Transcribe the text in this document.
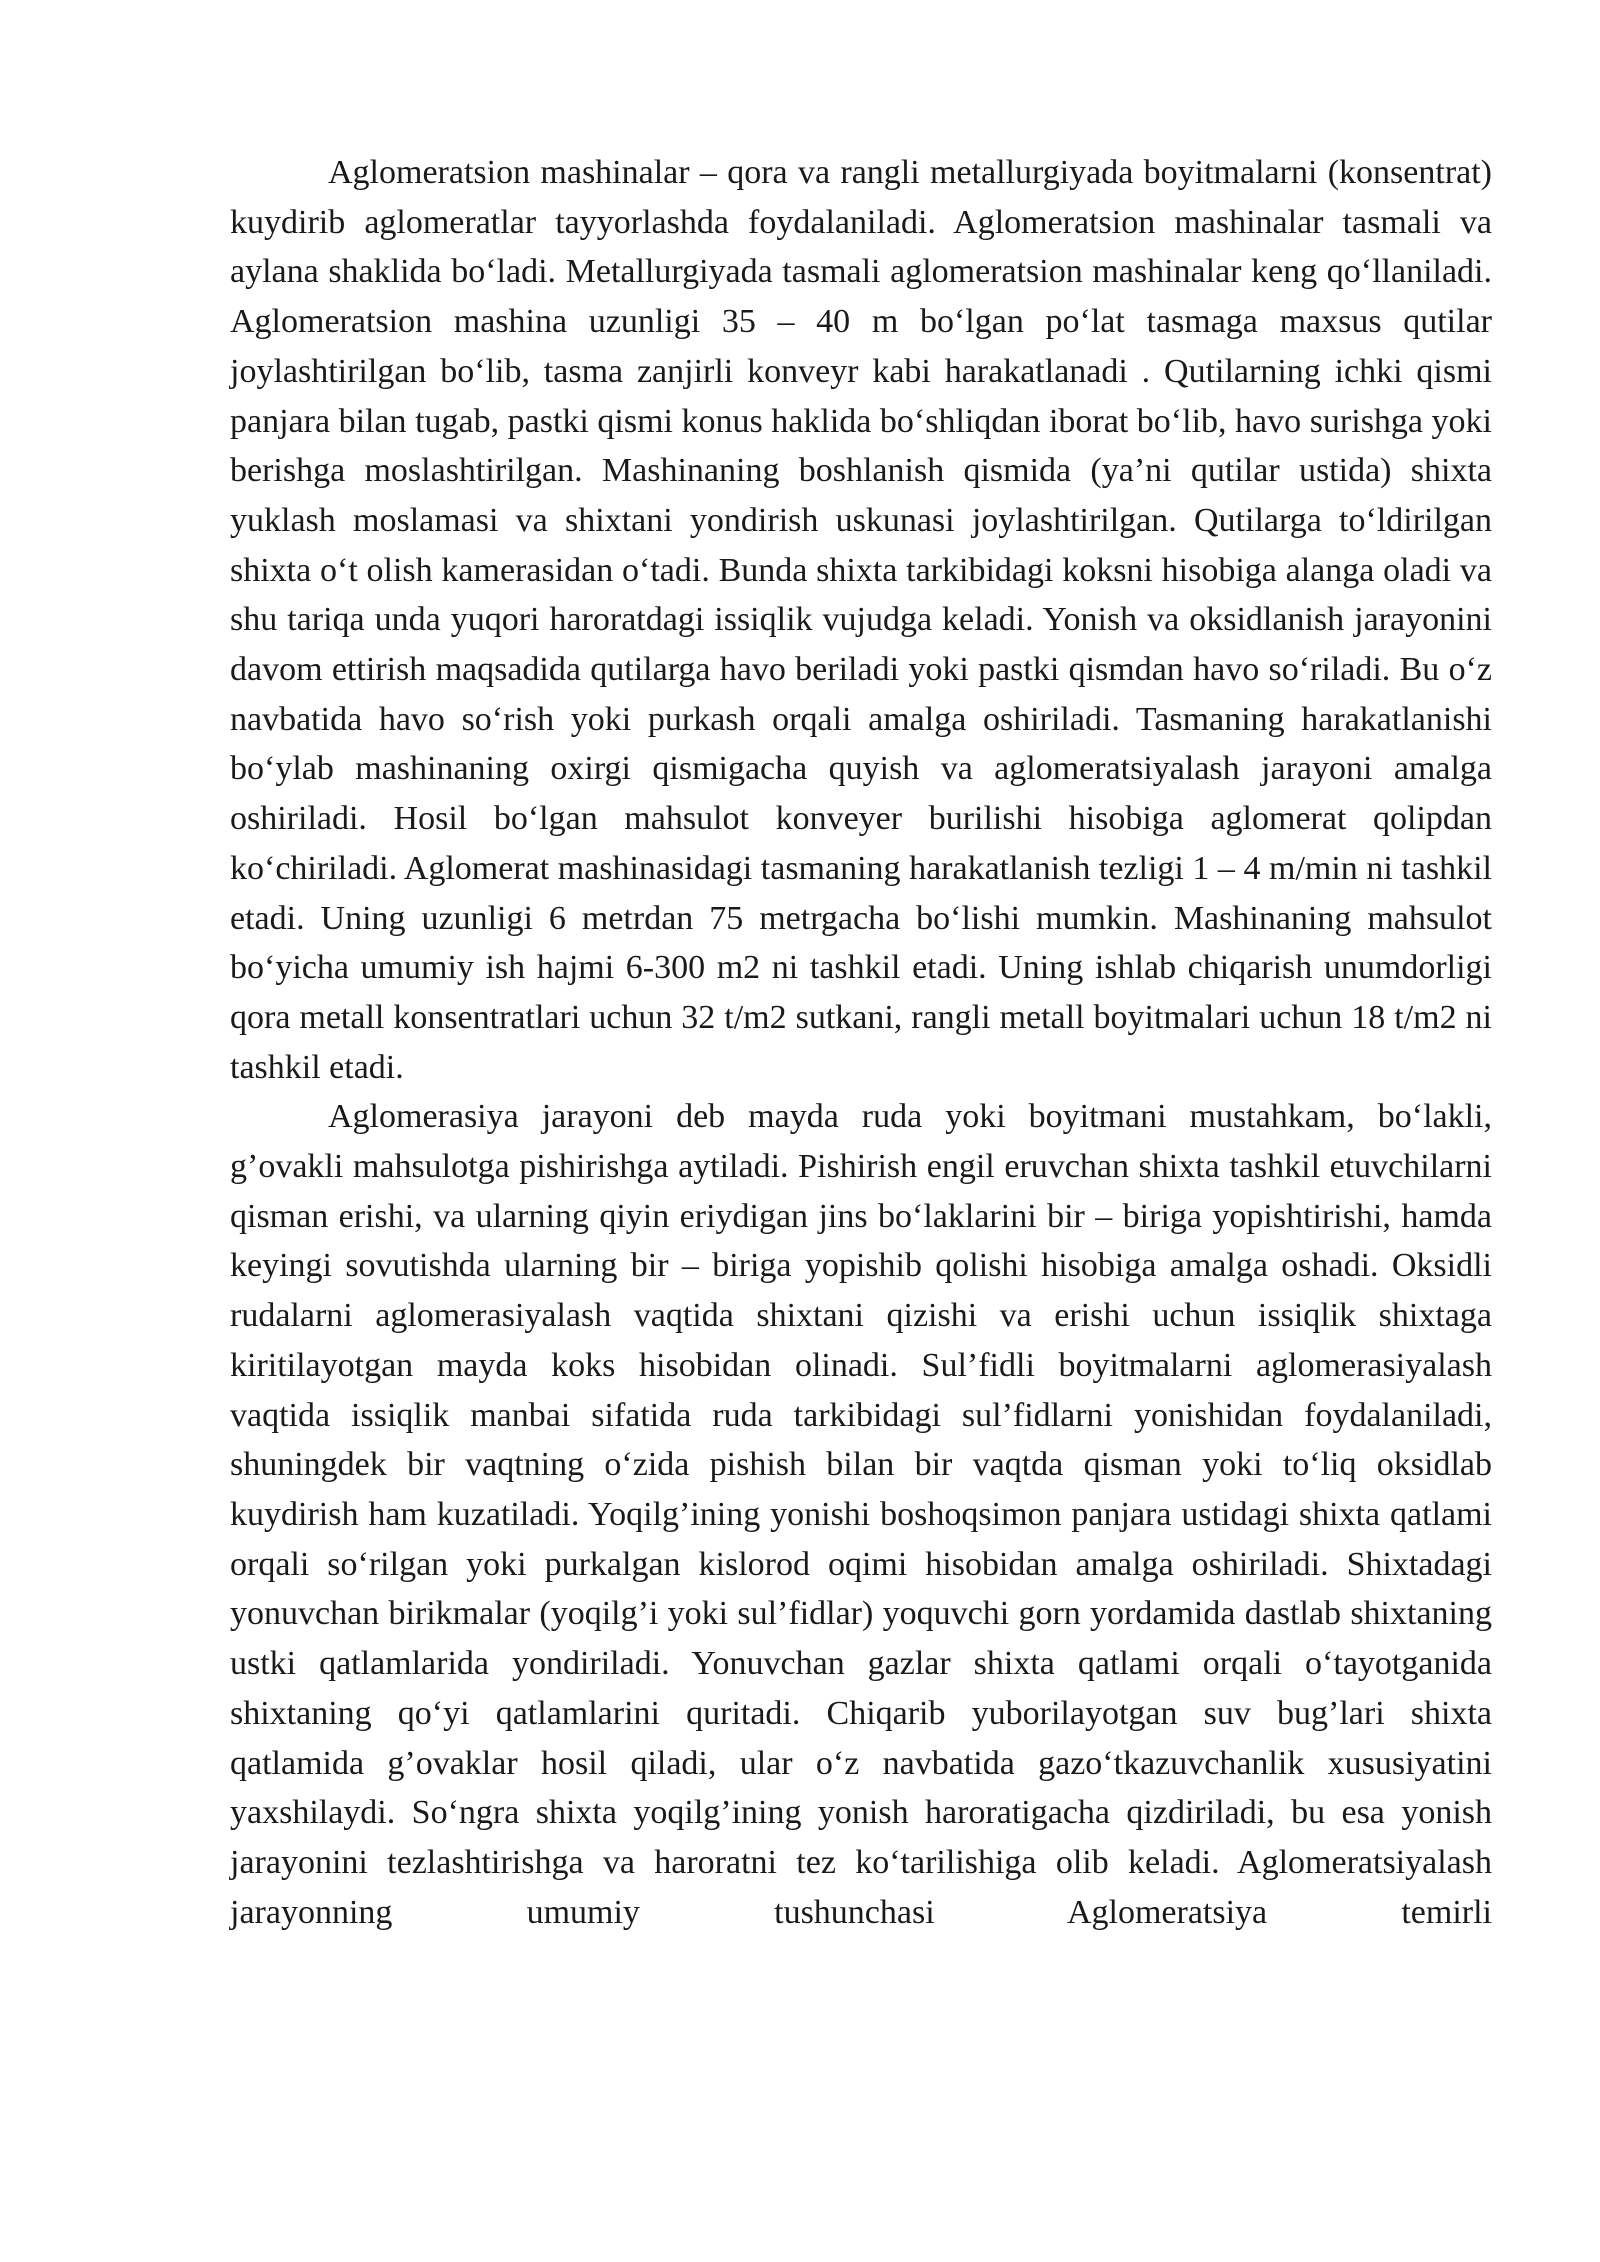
Aglomeratsion mashinalar – qora va rangli metallurgiyada boyitmalarni (konsentrat) kuydirib aglomeratlar tayyorlashda foydalaniladi. Aglomeratsion mashinalar tasmali va aylana shaklida bo‘ladi. Metallurgiyada tasmali aglomeratsion mashinalar keng qo‘llaniladi. Aglomeratsion mashina uzunligi 35 – 40 m bo‘lgan po‘lat tasmaga maxsus qutilar joylashtirilgan bo‘lib, tasma zanjirli konveyr kabi harakatlanadi . Qutilarning ichki qismi panjara bilan tugab, pastki qismi konus haklida bo‘shliqdan iborat bo‘lib, havo surishga yoki berishga moslashtirilgan. Mashinaning boshlanish qismida (ya’ni qutilar ustida) shixta yuklash moslamasi va shixtani yondirish uskunasi joylashtirilgan. Qutilarga to‘ldirilgan shixta o‘t olish kamerasidan o‘tadi. Bunda shixta tarkibidagi koksni hisobiga alanga oladi va shu tariqa unda yuqori haroratdagi issiqlik vujudga keladi. Yonish va oksidlanish jarayonini davom ettirish maqsadida qutilarga havo beriladi yoki pastki qismdan havo so‘riladi. Bu o‘z navbatida havo so‘rish yoki purkash orqali amalga oshiriladi. Tasmaning harakatlanishi bo‘ylab mashinaning oxirgi qismigacha quyish va aglomeratsiyalash jarayoni amalga oshiriladi. Hosil bo‘lgan mahsulot konveyer burilishi hisobiga aglomerat qolipdan ko‘chiriladi. Aglomerat mashinasidagi tasmaning harakatlanish tezligi 1 – 4 m/min ni tashkil etadi. Uning uzunligi 6 metrdan 75 metrgacha bo‘lishi mumkin. Mashinaning mahsulot bo‘yicha umumiy ish hajmi 6-300 m2 ni tashkil etadi. Uning ishlab chiqarish unumdorligi qora metall konsentratlari uchun 32 t/m2 sutkani, rangli metall boyitmalari uchun 18 t/m2 ni tashkil etadi.

Aglomerasiya jarayoni deb mayda ruda yoki boyitmani mustahkam, bo‘lakli, g’ovakli mahsulotga pishirishga aytiladi. Pishirish engil eruvchan shixta tashkil etuvchilarni qisman erishi, va ularning qiyin eriydigan jins bo‘laklarini bir – biriga yopishtirishi, hamda keyingi sovutishda ularning bir – biriga yopishib qolishi hisobiga amalga oshadi. Oksidli rudalarni aglomerasiyalash vaqtida shixtani qizishi va erishi uchun issiqlik shixtaga kiritilayotgan mayda koks hisobidan olinadi. Sul’fidli boyitmalarni aglomerasiyalash vaqtida issiqlik manbai sifatida ruda tarkibidagi sul’fidlarni yonishidan foydalaniladi, shuningdek bir vaqtning o‘zida pishish bilan bir vaqtda qisman yoki to‘liq oksidlab kuydirish ham kuzatiladi. Yoqilg’ining yonishi boshoqsimon panjara ustidagi shixta qatlami orqali so‘rilgan yoki purkalgan kislorod oqimi hisobidan amalga oshiriladi. Shixtadagi yonuvchan birikmalar (yoqilg’i yoki sul’fidlar) yoquvchi gorn yordamida dastlab shixtaning ustki qatlamlarida yondiriladi. Yonuvchan gazlar shixta qatlami orqali o‘tayotganida shixtaning qo‘yi qatlamlarini quritadi. Chiqarib yuborilayotgan suv bug’lari shixta qatlamida g’ovaklar hosil qiladi, ular o‘z navbatida gazo‘tkazuvchanlik xususiyatini yaxshilaydi. So‘ngra shixta yoqilg’ining yonish haroratigacha qizdiriladi, bu esa yonish jarayonini tezlashtirishga va haroratni tez ko‘tarilishiga olib keladi. Aglomeratsiyalash jarayonning umumiy tushunchasi Aglomeratsiya temirli
